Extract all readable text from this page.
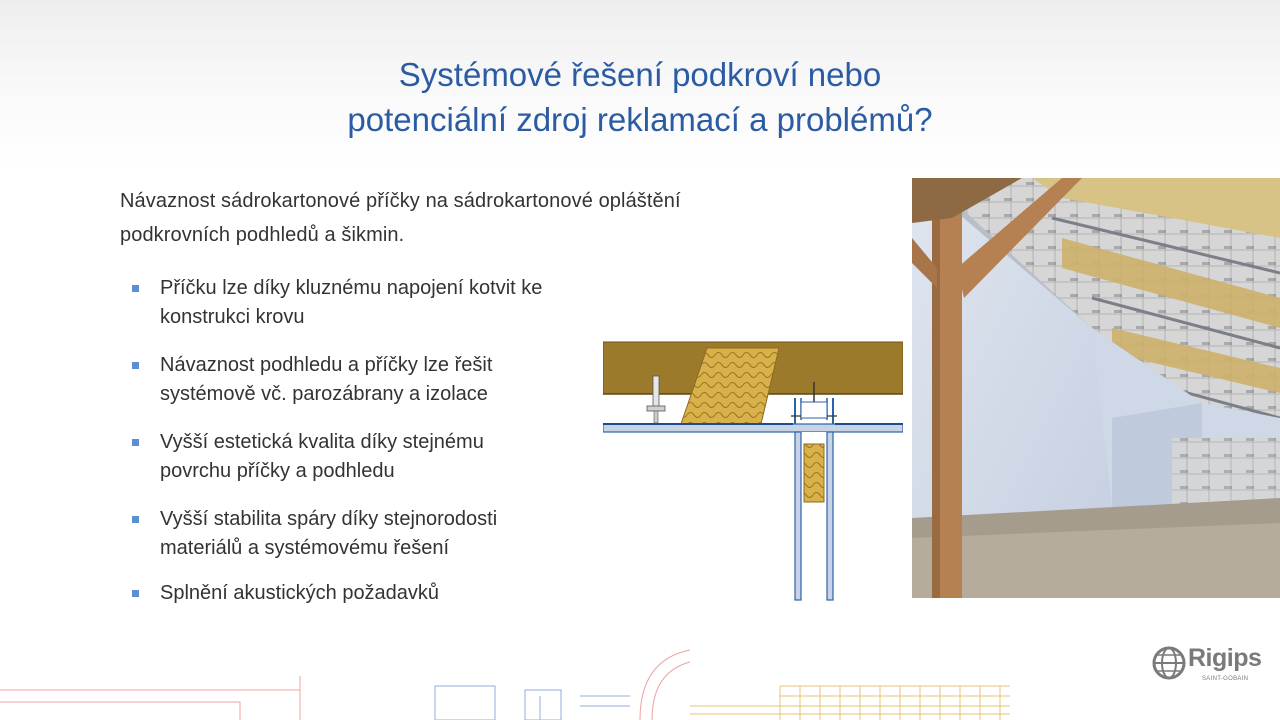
Systémové řešení podkroví nebo
potenciální zdroj reklamací a problémů?

Návaznost sádrokartonové příčky na sádrokartonové opláštění
podkrovních podhledů a šikmin.

Příčku lze díky kluznému napojení kotvit ke
konstrukci krovu
Návaznost podhledu a příčky lze řešit
systémově vč. parozábrany a izolace
Vyšší estetická kvalita díky stejnému
povrchu příčky a podhledu
Vyšší stabilita spáry díky stejnorodosti
materiálů a systémovému řešení
Splnění akustických požadavků
Rigips
SAINT-GOBAIN
